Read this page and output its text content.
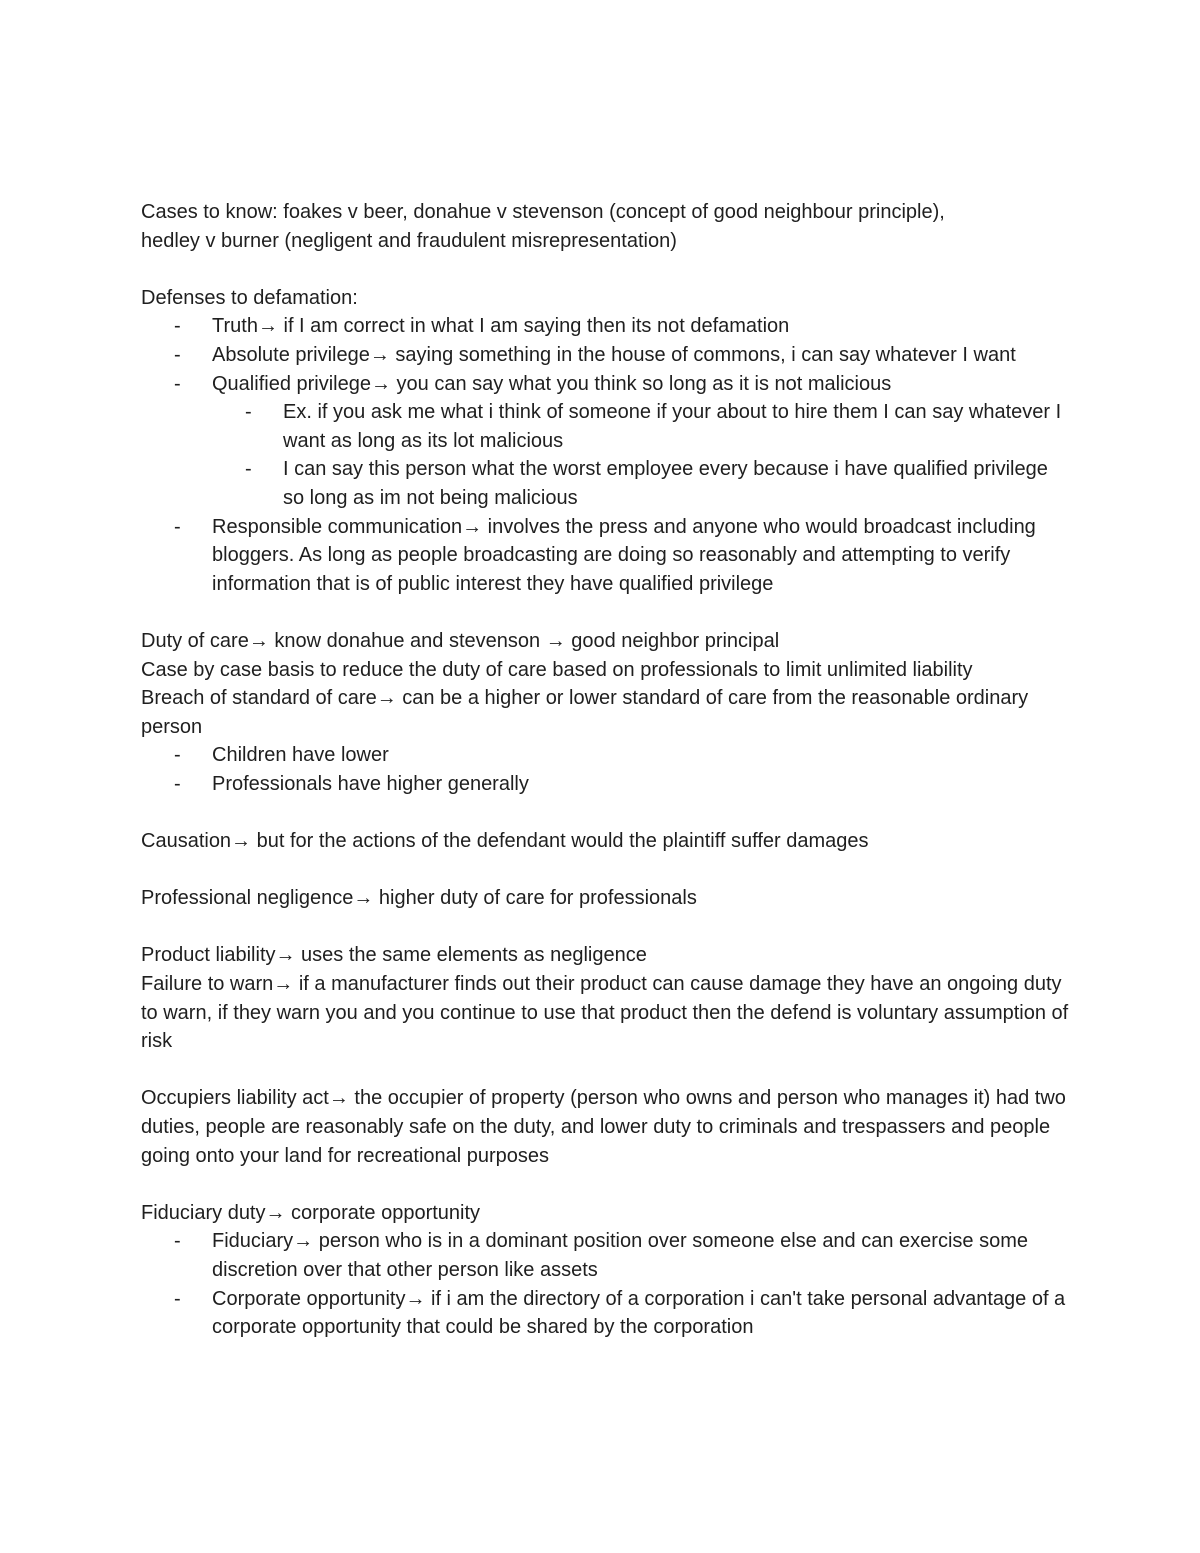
Cases to know: foakes v beer, donahue v stevenson (concept of good neighbour principle),

hedley v burner (negligent and fraudulent misrepresentation)

Defenses to defamation:

- Truth→ if I am correct in what I am saying then its not defamation
- Absolute privilege→ saying something in the house of commons, i can say whatever I want
- Qualified privilege→ you can say what you think so long as it is not malicious
- Ex. if you ask me what i think of someone if your about to hire them I can say whatever I want as long as its lot malicious
- I can say this person what the worst employee every because i have qualified privilege so long as im not being malicious
- Responsible communication→ involves the press and anyone who would broadcast including bloggers. As long as people broadcasting are doing so reasonably and attempting to verify information that is of public interest they have qualified privilege

Duty of care→ know donahue and stevenson → good neighbor principal

Case by case basis to reduce the duty of care based on professionals to limit unlimited liability

Breach of standard of care→ can be a higher or lower standard of care from the reasonable ordinary person

- Children have lower
- Professionals have higher generally

Causation→ but for the actions of the defendant would the plaintiff suffer damages

Professional negligence→ higher duty of care for professionals

Product liability→ uses the same elements as negligence

Failure to warn→ if a manufacturer finds out their product can cause damage they have an ongoing duty to warn, if they warn you and you continue to use that product then the defend is voluntary assumption of risk

Occupiers liability act→ the occupier of property (person who owns and person who manages it) had two duties, people are reasonably safe on the duty, and lower duty to criminals and trespassers and people going onto your land for recreational purposes

Fiduciary duty→ corporate opportunity

- Fiduciary→ person who is in a dominant position over someone else and can exercise some discretion over that other person like assets
- Corporate opportunity→ if i am the directory of a corporation i can't take personal advantage of a corporate opportunity that could be shared by the corporation
